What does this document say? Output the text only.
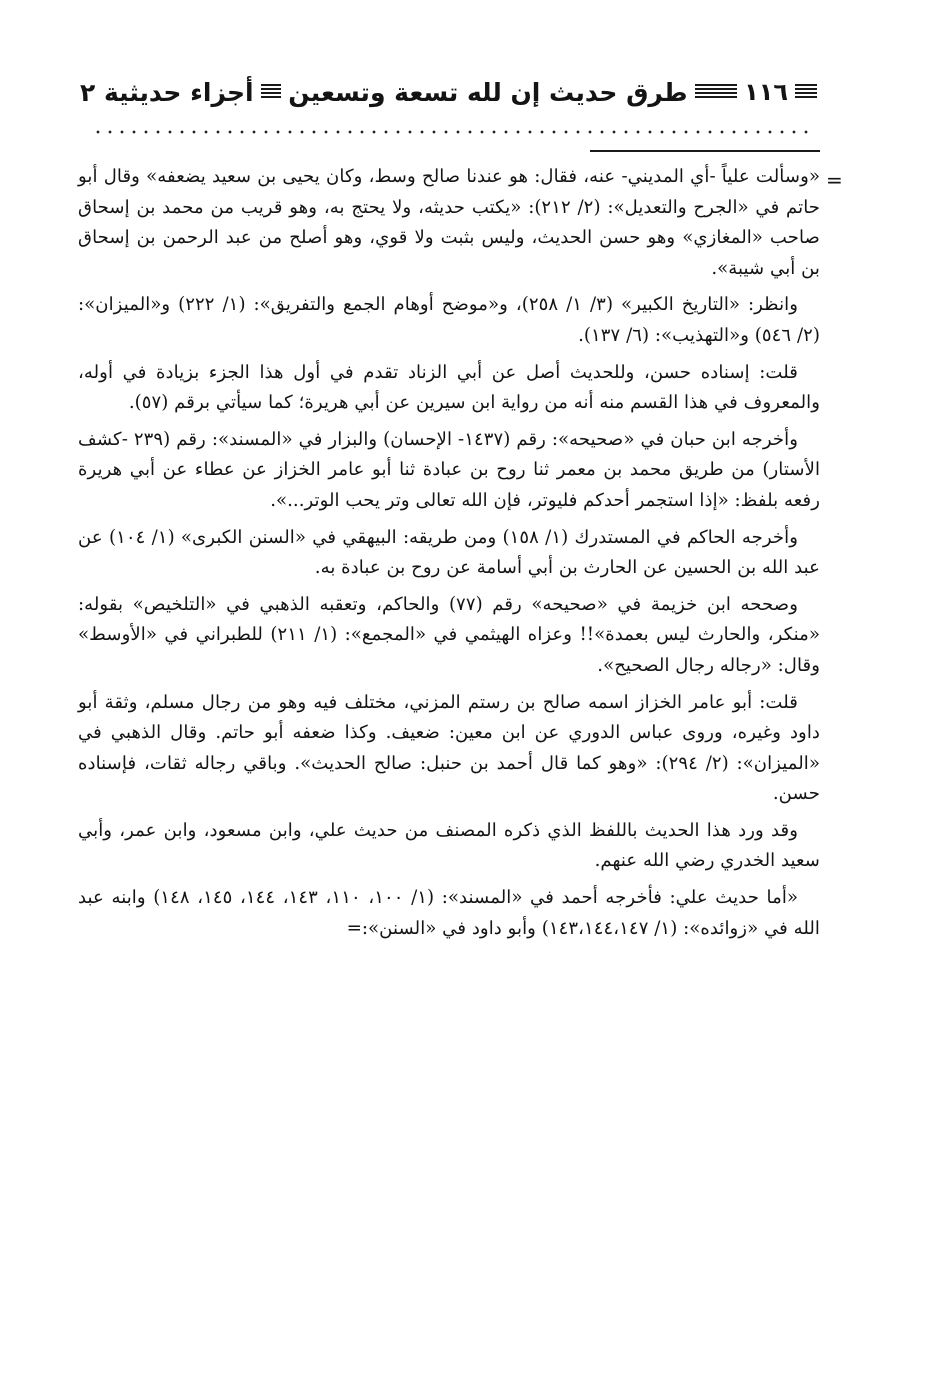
١١٦
طرق حديث إن لله تسعة وتسعين
أجزاء حديثية ٢
=

«وسألت علياً -أي المديني- عنه، فقال: هو عندنا صالح وسط، وكان يحيى بن سعيد يضعفه» وقال أبو حاتم في «الجرح والتعديل»: (٢/ ٢١٢): «يكتب حديثه، ولا يحتج به، وهو قريب من محمد بن إسحاق صاحب «المغازي» وهو حسن الحديث، وليس بثبت ولا قوي، وهو أصلح من عبد الرحمن بن إسحاق بن أبي شيبة».

وانظر: «التاريخ الكبير» (٣/ ١/ ٢٥٨)، و«موضح أوهام الجمع والتفريق»: (١/ ٢٢٢) و«الميزان»: (٢/ ٥٤٦) و«التهذيب»: (٦/ ١٣٧).

قلت: إسناده حسن، وللحديث أصل عن أبي الزناد تقدم في أول هذا الجزء بزيادة في أوله، والمعروف في هذا القسم منه أنه من رواية ابن سيرين عن أبي هريرة؛ كما سيأتي برقم (٥٧).

وأخرجه ابن حبان في «صحيحه»: رقم (١٤٣٧- الإحسان) والبزار في «المسند»: رقم (٢٣٩ -كشف الأستار) من طريق محمد بن معمر ثنا روح بن عبادة ثنا أبو عامر الخزاز عن عطاء عن أبي هريرة رفعه بلفظ: «إذا استجمر أحدكم فليوتر، فإن الله تعالى وتر يحب الوتر...».

وأخرجه الحاكم في المستدرك (١/ ١٥٨) ومن طريقه: البيهقي في «السنن الكبرى» (١/ ١٠٤) عن عبد الله بن الحسين عن الحارث بن أبي أسامة عن روح بن عبادة به.

وصححه ابن خزيمة في «صحيحه» رقم (٧٧) والحاكم، وتعقبه الذهبي في «التلخيص» بقوله: «منكر، والحارث ليس بعمدة»!! وعزاه الهيثمي في «المجمع»: (١/ ٢١١) للطبراني في «الأوسط» وقال: «رجاله رجال الصحيح».

قلت: أبو عامر الخزاز اسمه صالح بن رستم المزني، مختلف فيه وهو من رجال مسلم، وثقة أبو داود وغيره، وروى عباس الدوري عن ابن معين: ضعيف. وكذا ضعفه أبو حاتم. وقال الذهبي في «الميزان»: (٢/ ٢٩٤): «وهو كما قال أحمد بن حنبل: صالح الحديث». وباقي رجاله ثقات، فإسناده حسن.

وقد ورد هذا الحديث باللفظ الذي ذكره المصنف من حديث علي، وابن مسعود، وابن عمر، وأبي سعيد الخدري رضي الله عنهم.

«أما حديث علي: فأخرجه أحمد في «المسند»: (١/ ١٠٠، ١١٠، ١٤٣، ١٤٤، ١٤٥، ١٤٨) وابنه عبد الله في «زوائده»: (١/ ١٤٣،١٤٤،١٤٧) وأبو داود في «السنن»:=
